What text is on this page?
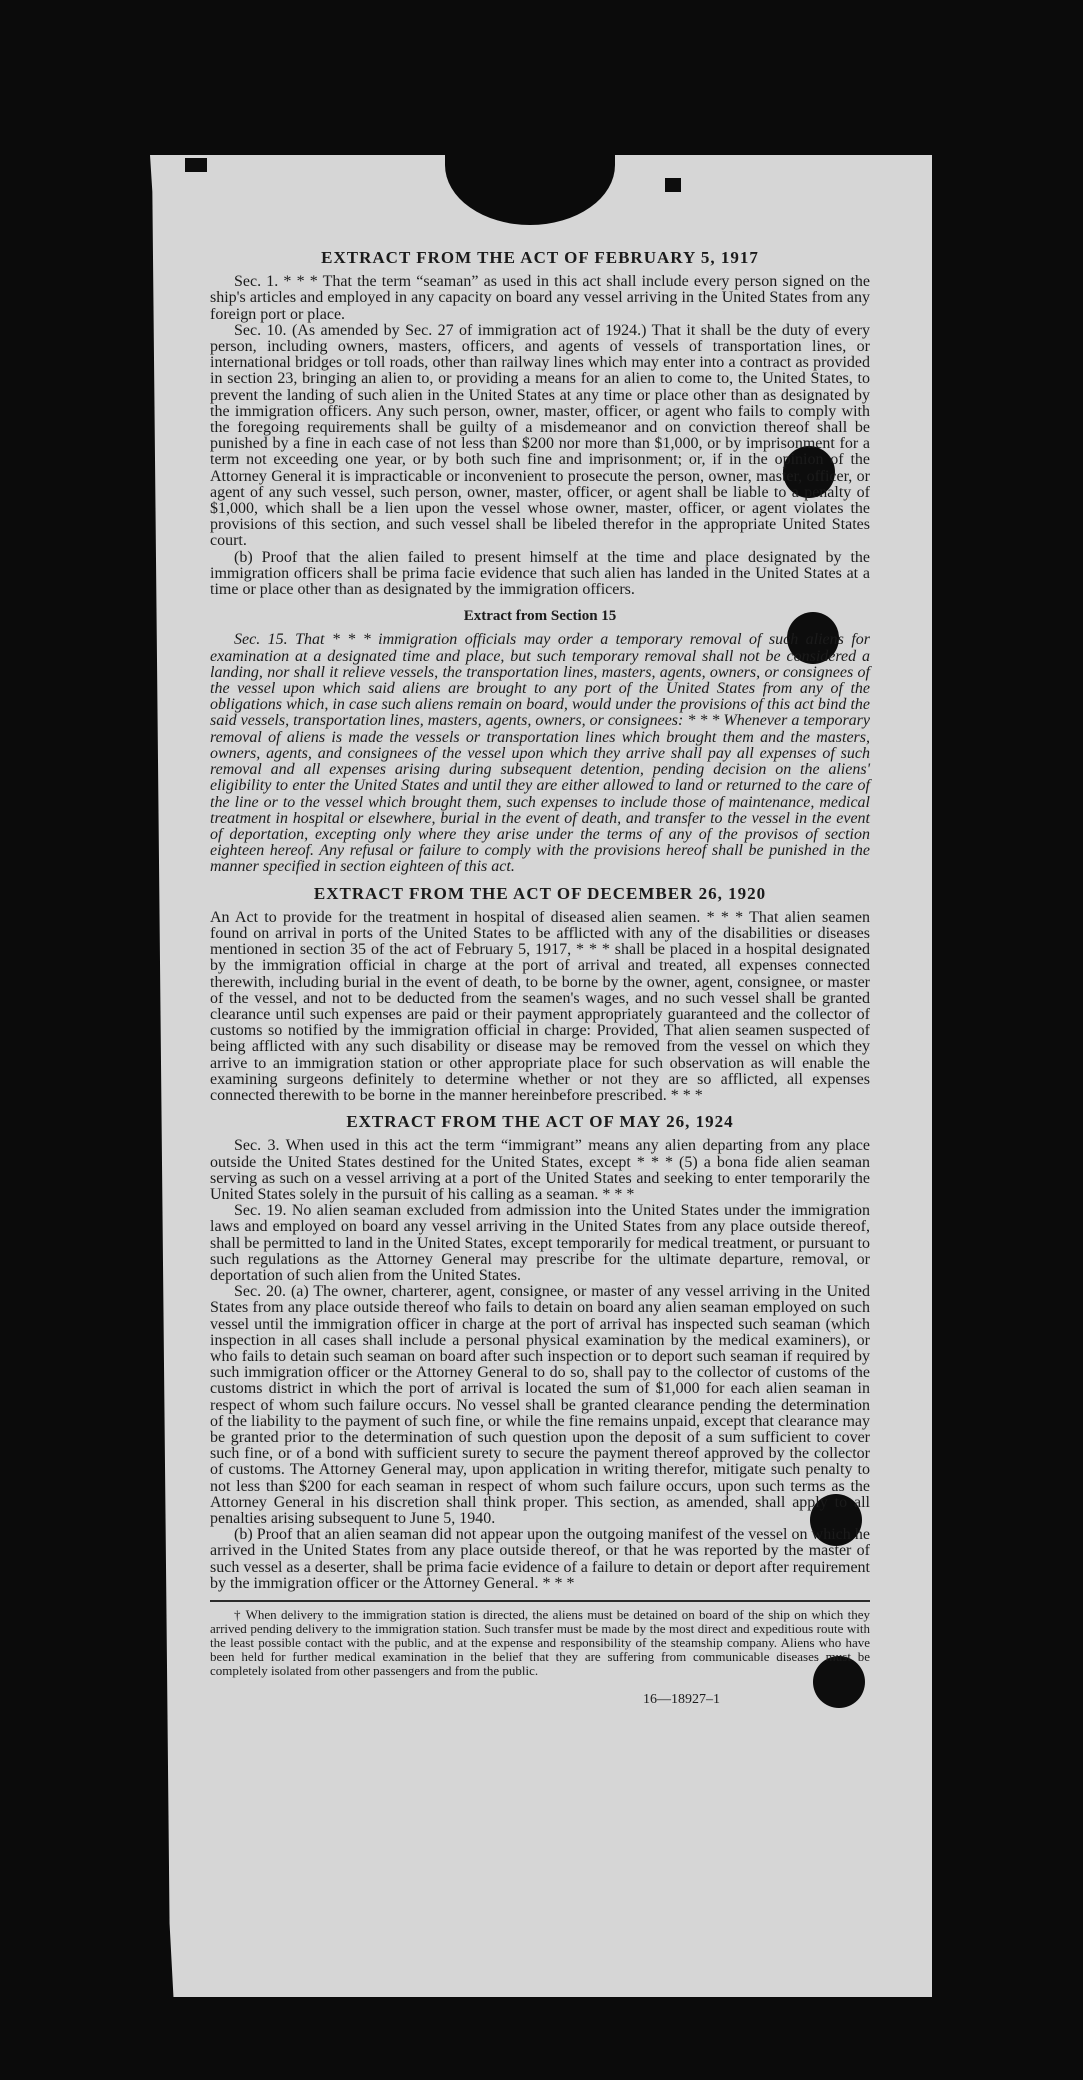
EXTRACT FROM THE ACT OF FEBRUARY 5, 1917

Sec. 1. * * * That the term “seaman” as used in this act shall include every person signed on the ship's articles and employed in any capacity on board any vessel arriving in the United States from any foreign port or place.

Sec. 10. (As amended by Sec. 27 of immigration act of 1924.) That it shall be the duty of every person, including owners, masters, officers, and agents of vessels of transportation lines, or international bridges or toll roads, other than railway lines which may enter into a contract as provided in section 23, bringing an alien to, or providing a means for an alien to come to, the United States, to prevent the landing of such alien in the United States at any time or place other than as designated by the immigration officers. Any such person, owner, master, officer, or agent who fails to comply with the foregoing requirements shall be guilty of a misdemeanor and on conviction thereof shall be punished by a fine in each case of not less than $200 nor more than $1,000, or by imprisonment for a term not exceeding one year, or by both such fine and imprisonment; or, if in the opinion of the Attorney General it is impracticable or inconvenient to prosecute the person, owner, master, officer, or agent of any such vessel, such person, owner, master, officer, or agent shall be liable to a penalty of $1,000, which shall be a lien upon the vessel whose owner, master, officer, or agent violates the provisions of this section, and such vessel shall be libeled therefor in the appropriate United States court.

(b) Proof that the alien failed to present himself at the time and place designated by the immigration officers shall be prima facie evidence that such alien has landed in the United States at a time or place other than as designated by the immigration officers.

Extract from Section 15

Sec. 15. That * * * immigration officials may order a temporary removal of such aliens for examination at a designated time and place, but such temporary removal shall not be considered a landing, nor shall it relieve vessels, the transportation lines, masters, agents, owners, or consignees of the vessel upon which said aliens are brought to any port of the United States from any of the obligations which, in case such aliens remain on board, would under the provisions of this act bind the said vessels, transportation lines, masters, agents, owners, or consignees: * * * Whenever a temporary removal of aliens is made the vessels or transportation lines which brought them and the masters, owners, agents, and consignees of the vessel upon which they arrive shall pay all expenses of such removal and all expenses arising during subsequent detention, pending decision on the aliens' eligibility to enter the United States and until they are either allowed to land or returned to the care of the line or to the vessel which brought them, such expenses to include those of maintenance, medical treatment in hospital or elsewhere, burial in the event of death, and transfer to the vessel in the event of deportation, excepting only where they arise under the terms of any of the provisos of section eighteen hereof. Any refusal or failure to comply with the provisions hereof shall be punished in the manner specified in section eighteen of this act.

EXTRACT FROM THE ACT OF DECEMBER 26, 1920

An Act to provide for the treatment in hospital of diseased alien seamen. * * * That alien seamen found on arrival in ports of the United States to be afflicted with any of the disabilities or diseases mentioned in section 35 of the act of February 5, 1917, * * * shall be placed in a hospital designated by the immigration official in charge at the port of arrival and treated, all expenses connected therewith, including burial in the event of death, to be borne by the owner, agent, consignee, or master of the vessel, and not to be deducted from the seamen's wages, and no such vessel shall be granted clearance until such expenses are paid or their payment appropriately guaranteed and the collector of customs so notified by the immigration official in charge: Provided, That alien seamen suspected of being afflicted with any such disability or disease may be removed from the vessel on which they arrive to an immigration station or other appropriate place for such observation as will enable the examining surgeons definitely to determine whether or not they are so afflicted, all expenses connected therewith to be borne in the manner hereinbefore prescribed. * * *

EXTRACT FROM THE ACT OF MAY 26, 1924

Sec. 3. When used in this act the term “immigrant” means any alien departing from any place outside the United States destined for the United States, except * * * (5) a bona fide alien seaman serving as such on a vessel arriving at a port of the United States and seeking to enter temporarily the United States solely in the pursuit of his calling as a seaman. * * *

Sec. 19. No alien seaman excluded from admission into the United States under the immigration laws and employed on board any vessel arriving in the United States from any place outside thereof, shall be permitted to land in the United States, except temporarily for medical treatment, or pursuant to such regulations as the Attorney General may prescribe for the ultimate departure, removal, or deportation of such alien from the United States.

Sec. 20. (a) The owner, charterer, agent, consignee, or master of any vessel arriving in the United States from any place outside thereof who fails to detain on board any alien seaman employed on such vessel until the immigration officer in charge at the port of arrival has inspected such seaman (which inspection in all cases shall include a personal physical examination by the medical examiners), or who fails to detain such seaman on board after such inspection or to deport such seaman if required by such immigration officer or the Attorney General to do so, shall pay to the collector of customs of the customs district in which the port of arrival is located the sum of $1,000 for each alien seaman in respect of whom such failure occurs. No vessel shall be granted clearance pending the determination of the liability to the payment of such fine, or while the fine remains unpaid, except that clearance may be granted prior to the determination of such question upon the deposit of a sum sufficient to cover such fine, or of a bond with sufficient surety to secure the payment thereof approved by the collector of customs. The Attorney General may, upon application in writing therefor, mitigate such penalty to not less than $200 for each seaman in respect of whom such failure occurs, upon such terms as the Attorney General in his discretion shall think proper. This section, as amended, shall apply to all penalties arising subsequent to June 5, 1940.

(b) Proof that an alien seaman did not appear upon the outgoing manifest of the vessel on which he arrived in the United States from any place outside thereof, or that he was reported by the master of such vessel as a deserter, shall be prima facie evidence of a failure to detain or deport after requirement by the immigration officer or the Attorney General. * * *

† When delivery to the immigration station is directed, the aliens must be detained on board of the ship on which they arrived pending delivery to the immigration station. Such transfer must be made by the most direct and expeditious route with the least possible contact with the public, and at the expense and responsibility of the steamship company. Aliens who have been held for further medical examination in the belief that they are suffering from communicable diseases must be completely isolated from other passengers and from the public.

16—18927–1
